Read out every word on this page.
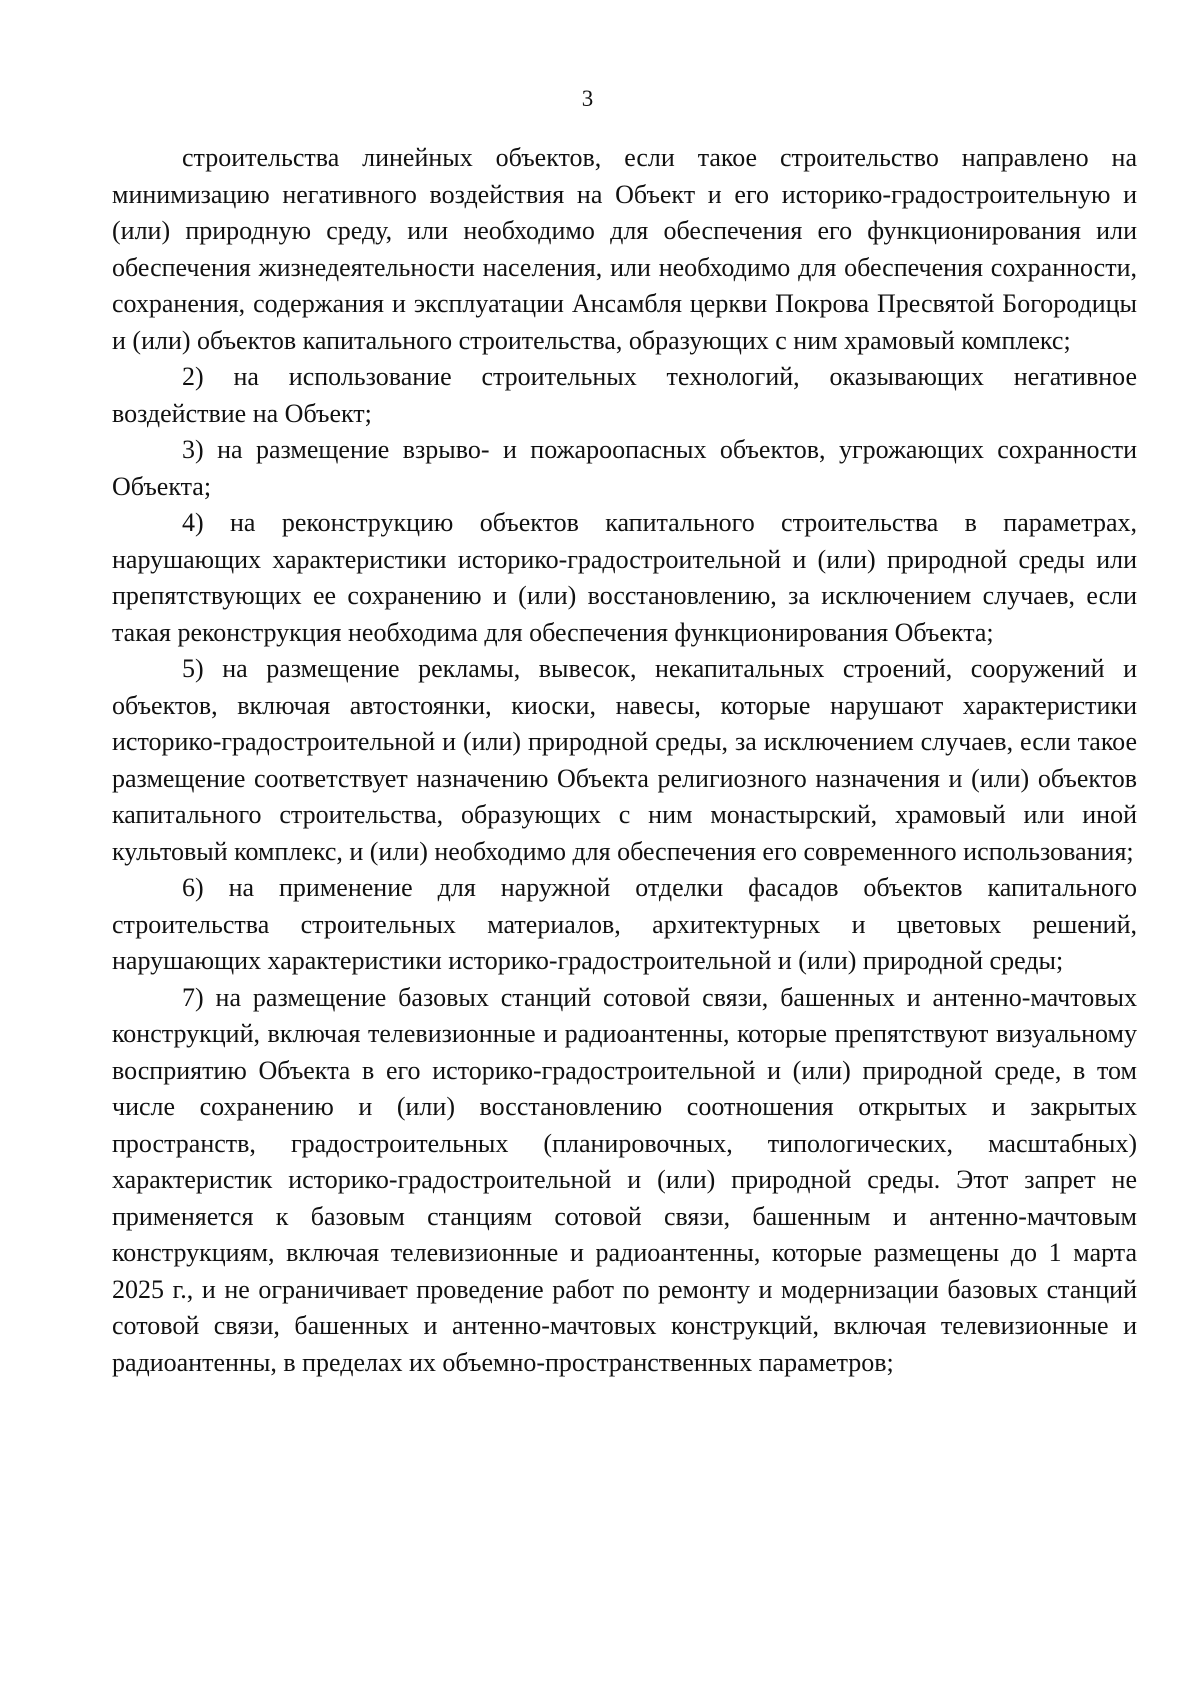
3

строительства линейных объектов, если такое строительство направлено на минимизацию негативного воздействия на Объект и его историко-градостроительную и (или) природную среду, или необходимо для обеспечения его функционирования или обеспечения жизнедеятельности населения, или необходимо для обеспечения сохранности, сохранения, содержания и эксплуатации Ансамбля церкви Покрова Пресвятой Богородицы и (или) объектов капитального строительства, образующих с ним храмовый комплекс;

2) на использование строительных технологий, оказывающих негативное воздействие на Объект;

3) на размещение взрыво- и пожароопасных объектов, угрожающих сохранности Объекта;

4) на реконструкцию объектов капитального строительства в параметрах, нарушающих характеристики историко-градостроительной и (или) природной среды или препятствующих ее сохранению и (или) восстановлению, за исключением случаев, если такая реконструкция необходима для обеспечения функционирования Объекта;

5) на размещение рекламы, вывесок, некапитальных строений, сооружений и объектов, включая автостоянки, киоски, навесы, которые нарушают характеристики историко-градостроительной и (или) природной среды, за исключением случаев, если такое размещение соответствует назначению Объекта религиозного назначения и (или) объектов капитального строительства, образующих с ним монастырский, храмовый или иной культовый комплекс, и (или) необходимо для обеспечения его современного использования;

6) на применение для наружной отделки фасадов объектов капитального строительства строительных материалов, архитектурных и цветовых решений, нарушающих характеристики историко-градостроительной и (или) природной среды;

7) на размещение базовых станций сотовой связи, башенных и антенно-мачтовых конструкций, включая телевизионные и радиоантенны, которые препятствуют визуальному восприятию Объекта в его историко-градостроительной и (или) природной среде, в том числе сохранению и (или) восстановлению соотношения открытых и закрытых пространств, градостроительных (планировочных, типологических, масштабных) характеристик историко-градостроительной и (или) природной среды. Этот запрет не применяется к базовым станциям сотовой связи, башенным и антенно-мачтовым конструкциям, включая телевизионные и радиоантенны, которые размещены до 1 марта 2025 г., и не ограничивает проведение работ по ремонту и модернизации базовых станций сотовой связи, башенных и антенно-мачтовых конструкций, включая телевизионные и радиоантенны, в пределах их объемно-пространственных параметров;
